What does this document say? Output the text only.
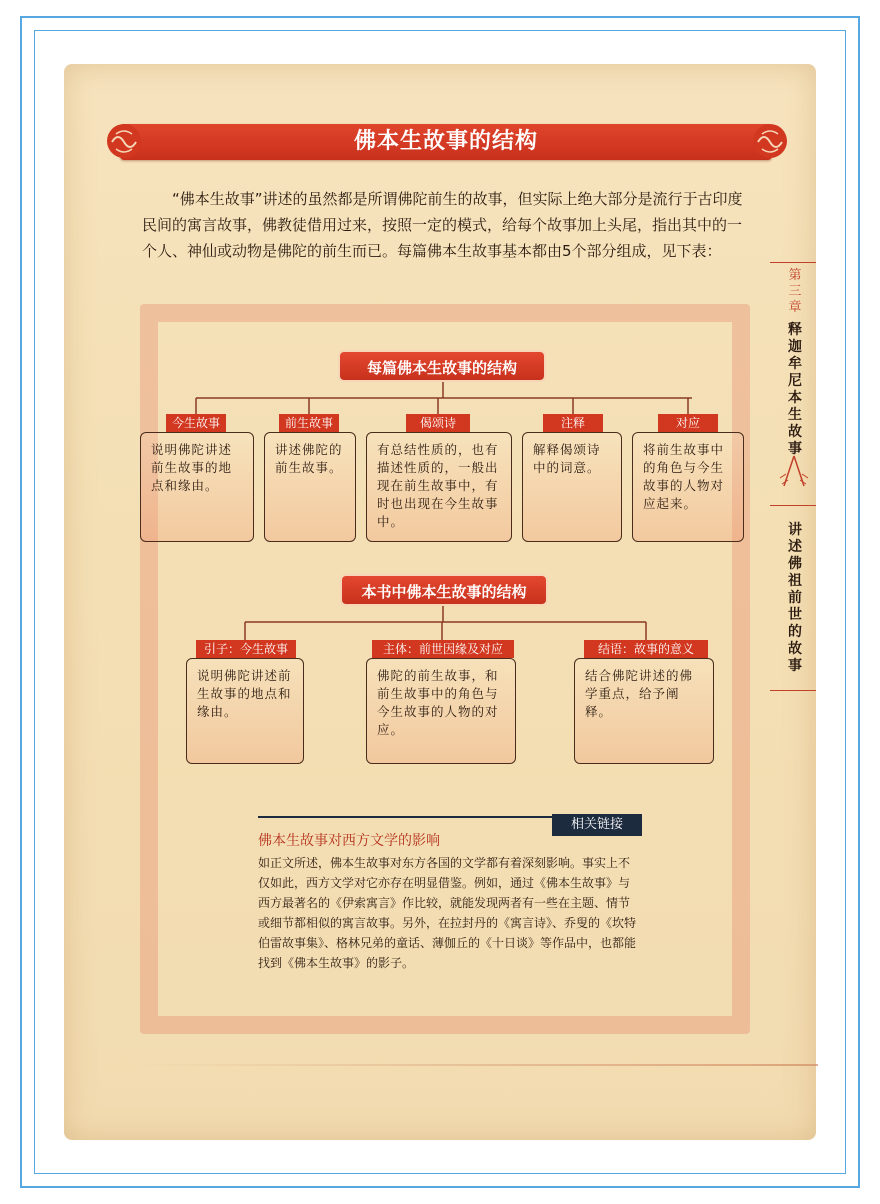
佛本生故事的结构
“佛本生故事”讲述的虽然都是所谓佛陀前生的故事，但实际上绝大部分是流行于古印度民间的寓言故事，佛教徒借用过来，按照一定的模式，给每个故事加上头尾，指出其中的一个人、神仙或动物是佛陀的前生而已。每篇佛本生故事基本都由5个部分组成，见下表：
第三章
释迦牟尼本生故事
讲述佛祖前世的故事
每篇佛本生故事的结构
今生故事	前生故事	偈颂诗	注释	对应
说明佛陀讲述前生故事的地点和缘由。
讲述佛陀的前生故事。
有总结性质的，也有描述性质的，一般出现在前生故事中，有时也出现在今生故事中。
解释偈颂诗中的词意。
将前生故事中的角色与今生故事的人物对应起来。
本书中佛本生故事的结构
引子：今生故事	主体：前世因缘及对应	结语：故事的意义
说明佛陀讲述前生故事的地点和缘由。
佛陀的前生故事，和前生故事中的角色与今生故事的人物的对应。
结合佛陀讲述的佛学重点，给予阐释。
相关链接
佛本生故事对西方文学的影响
如正文所述，佛本生故事对东方各国的文学都有着深刻影响。事实上不仅如此，西方文学对它亦存在明显借鉴。例如，通过《佛本生故事》与西方最著名的《伊索寓言》作比较，就能发现两者有一些在主题、情节或细节都相似的寓言故事。另外，在拉封丹的《寓言诗》、乔叟的《坎特伯雷故事集》、格林兄弟的童话、薄伽丘的《十日谈》等作品中，也都能找到《佛本生故事》的影子。
